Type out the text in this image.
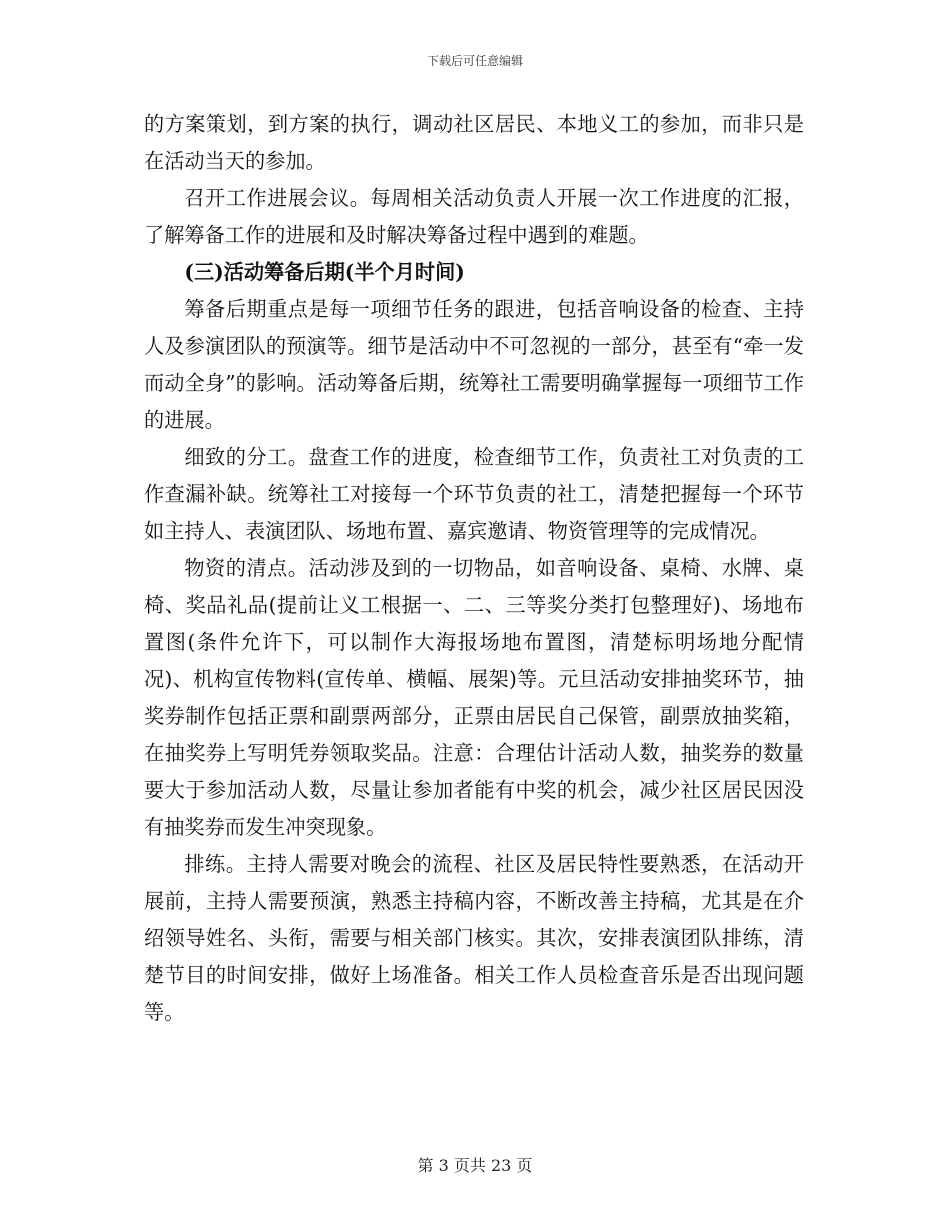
下载后可任意编辑

的方案策划，到方案的执行，调动社区居民、本地义工的参加，而非只是在活动当天的参加。

召开工作进展会议。每周相关活动负责人开展一次工作进度的汇报，了解筹备工作的进展和及时解决筹备过程中遇到的难题。

(三)活动筹备后期(半个月时间)

筹备后期重点是每一项细节任务的跟进，包括音响设备的检查、主持人及参演团队的预演等。细节是活动中不可忽视的一部分，甚至有“牵一发而动全身”的影响。活动筹备后期，统筹社工需要明确掌握每一项细节工作的进展。

细致的分工。盘查工作的进度，检查细节工作，负责社工对负责的工作查漏补缺。统筹社工对接每一个环节负责的社工，清楚把握每一个环节如主持人、表演团队、场地布置、嘉宾邀请、物资管理等的完成情况。

物资的清点。活动涉及到的一切物品，如音响设备、桌椅、水牌、桌椅、奖品礼品(提前让义工根据一、二、三等奖分类打包整理好)、场地布置图(条件允许下，可以制作大海报场地布置图，清楚标明场地分配情况)、机构宣传物料(宣传单、横幅、展架)等。元旦活动安排抽奖环节，抽奖券制作包括正票和副票两部分，正票由居民自己保管，副票放抽奖箱，在抽奖券上写明凭券领取奖品。注意：合理估计活动人数，抽奖券的数量要大于参加活动人数，尽量让参加者能有中奖的机会，减少社区居民因没有抽奖券而发生冲突现象。

排练。主持人需要对晚会的流程、社区及居民特性要熟悉，在活动开展前，主持人需要预演，熟悉主持稿内容，不断改善主持稿，尤其是在介绍领导姓名、头衔，需要与相关部门核实。其次，安排表演团队排练，清楚节目的时间安排，做好上场准备。相关工作人员检查音乐是否出现问题等。

第 3 页共 23 页
